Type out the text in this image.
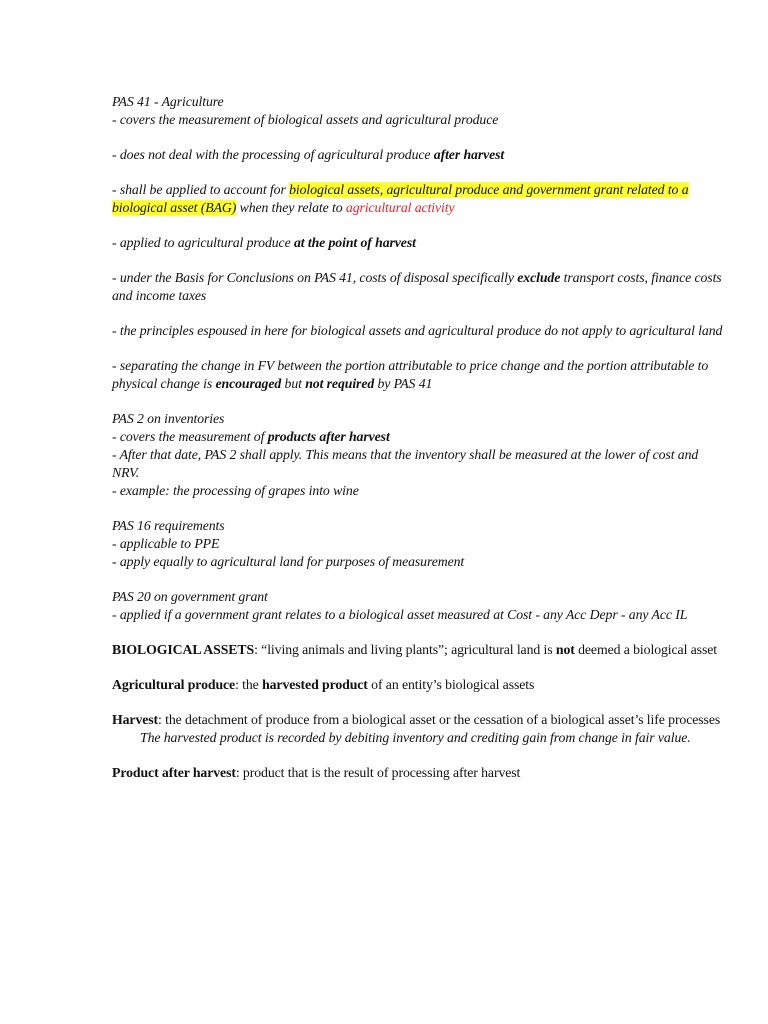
PAS 41 - Agriculture

- covers the measurement of biological assets and agricultural produce

- does not deal with the processing of agricultural produce after harvest

- shall be applied to account for biological assets, agricultural produce and government grant related to a biological asset (BAG) when they relate to agricultural activity

- applied to agricultural produce at the point of harvest

- under the Basis for Conclusions on PAS 41, costs of disposal specifically exclude transport costs, finance costs and income taxes

- the principles espoused in here for biological assets and agricultural produce do not apply to agricultural land

- separating the change in FV between the portion attributable to price change and the portion attributable to physical change is encouraged but not required by PAS 41

PAS 2 on inventories

- covers the measurement of products after harvest

- After that date, PAS 2 shall apply. This means that the inventory shall be measured at the lower of cost and NRV.

- example: the processing of grapes into wine

PAS 16 requirements

- applicable to PPE

- apply equally to agricultural land for purposes of measurement

PAS 20 on government grant

- applied if a government grant relates to a biological asset measured at Cost - any Acc Depr - any Acc IL

BIOLOGICAL ASSETS: “living animals and living plants”; agricultural land is not deemed a biological asset

Agricultural produce: the harvested product of an entity’s biological assets

Harvest: the detachment of produce from a biological asset or the cessation of a biological asset’s life processes

The harvested product is recorded by debiting inventory and crediting gain from change in fair value.

Product after harvest: product that is the result of processing after harvest
